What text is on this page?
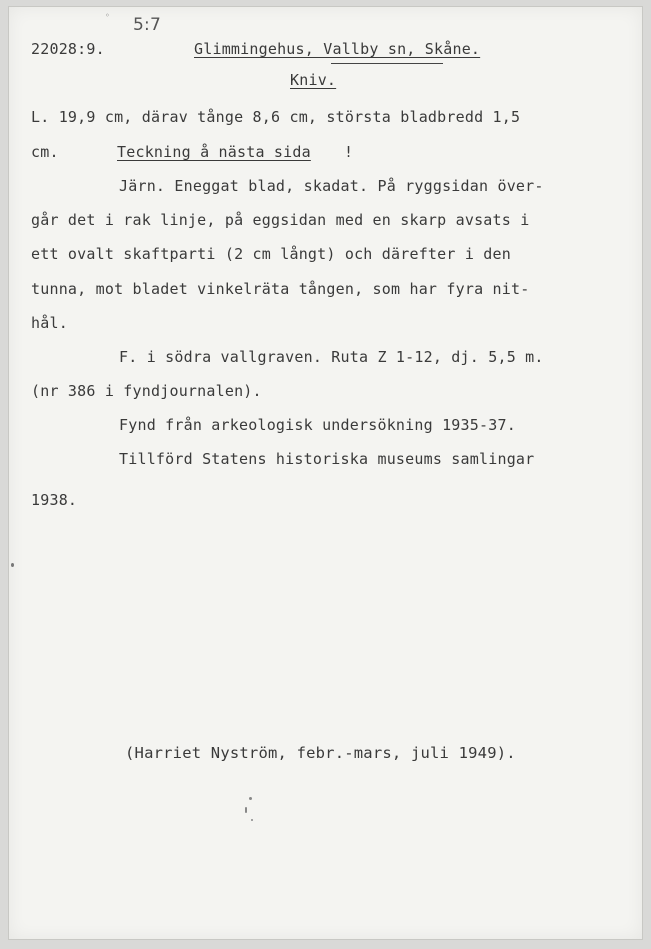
◦ 5:7
22028:9.	Glimmingehus, Vallby sn, Skåne.
Kniv.
L. 19,9 cm, därav tånge 8,6 cm, största bladbredd 1,5
cm.	Teckning å nästa sida !
Järn. Eneggat blad, skadat. På ryggsidan över-
går det i rak linje, på eggsidan med en skarp avsats i
ett ovalt skaftparti (2 cm långt) och därefter i den
tunna, mot bladet vinkelräta tången, som har fyra nit-
hål.
F. i södra vallgraven. Ruta Z 1-12, dj. 5,5 m.
(nr 386 i fyndjournalen).
Fynd från arkeologisk undersökning 1935-37.
Tillförd Statens historiska museums samlingar
1938.
(Harriet Nyström, febr.-mars, juli 1949).
